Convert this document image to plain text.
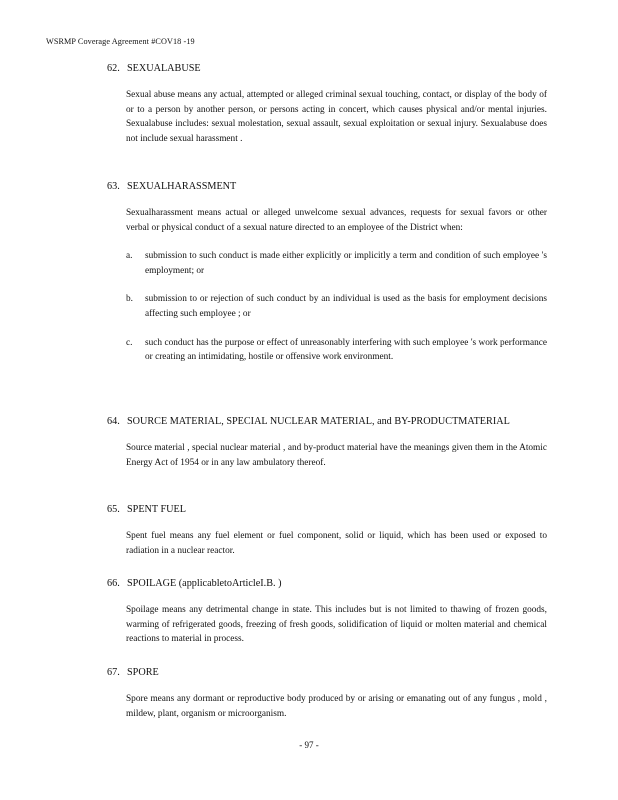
WSRMP Coverage Agreement #COV18 -19
62. SEXUALABUSE
Sexual abuse means any actual, attempted or alleged criminal sexual touching, contact, or display of the body of or to a person by another person, or persons acting in concert, which causes physical and/or mental injuries. Sexualabuse includes: sexual molestation, sexual assault, sexual exploitation or sexual injury. Sexualabuse does not include sexual harassment .
63. SEXUALHARASSMENT
Sexualharassment means actual or alleged unwelcome sexual advances, requests for sexual favors or other verbal or physical conduct of a sexual nature directed to an employee of the District when:
a. submission to such conduct is made either explicitly or implicitly a term and condition of such employee 's employment; or
b. submission to or rejection of such conduct by an individual is used as the basis for employment decisions affecting such employee ; or
c. such conduct has the purpose or effect of unreasonably interfering with such employee 's work performance or creating an intimidating, hostile or offensive work environment.
64. SOURCE MATERIAL, SPECIAL NUCLEAR MATERIAL, and BY-PRODUCTMATERIAL
Source material , special nuclear material , and by-product material have the meanings given them in the Atomic Energy Act of 1954 or in any law ambulatory thereof.
65. SPENT FUEL
Spent fuel means any fuel element or fuel component, solid or liquid, which has been used or exposed to radiation in a nuclear reactor.
66. SPOILAGE (applicabletoArticleI.B. )
Spoilage means any detrimental change in state. This includes but is not limited to thawing of frozen goods, warming of refrigerated goods, freezing of fresh goods, solidification of liquid or molten material and chemical reactions to material in process.
67. SPORE
Spore means any dormant or reproductive body produced by or arising or emanating out of any fungus , mold , mildew, plant, organism or microorganism.
- 97 -
